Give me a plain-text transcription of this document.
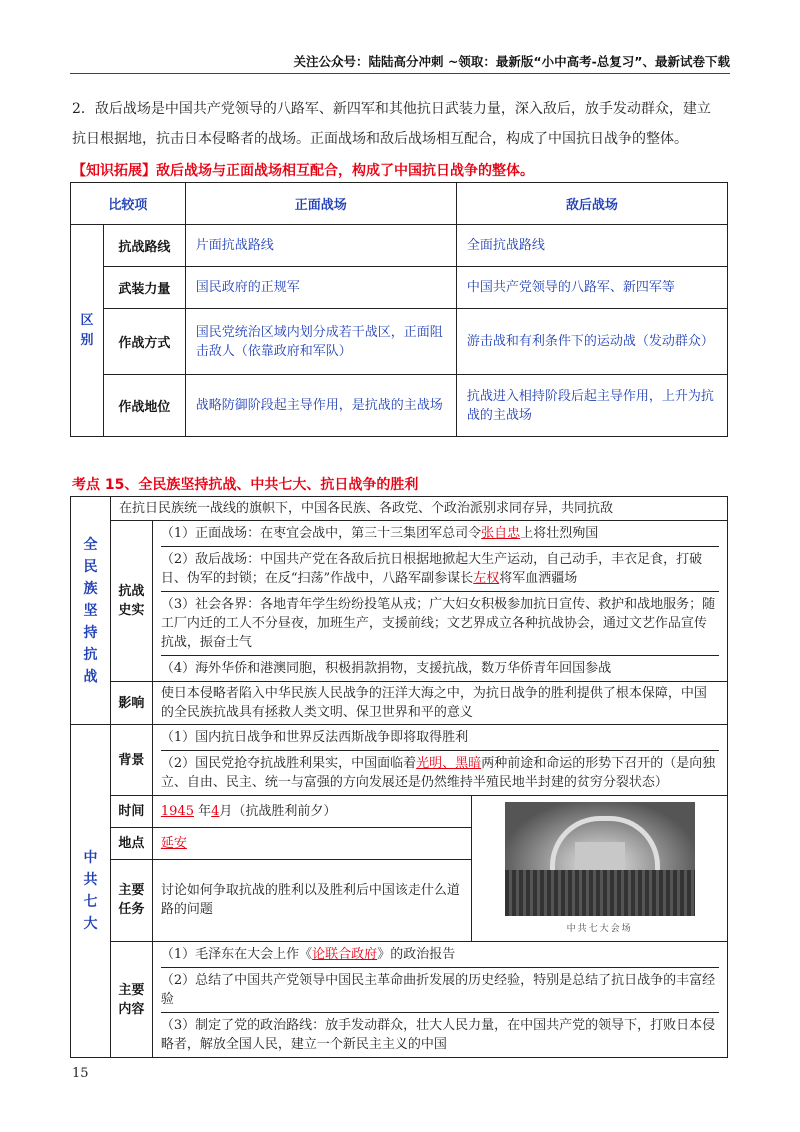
关注公众号：陆陆高分冲刺 ~领取：最新版“小中高考-总复习”、最新试卷下载
2．敌后战场是中国共产党领导的八路军、新四军和其他抗日武装力量，深入敌后，放手发动群众，建立
抗日根据地，抗击日本侵略者的战场。正面战场和敌后战场相互配合，构成了中国抗日战争的整体。
【知识拓展】敌后战场与正面战场相互配合，构成了中国抗日战争的整体。
比较项		正面战场	敌后战场
区别	抗战路线	片面抗战路线	全面抗战路线
	武装力量	国民政府的正规军	中国共产党领导的八路军、新四军等
	作战方式	国民党统治区域内划分成若干战区，正面阻击敌人（依靠政府和军队）	游击战和有利条件下的运动战（发动群众）
	作战地位	战略防御阶段起主导作用，是抗战的主战场	抗战进入相持阶段后起主导作用，上升为抗战的主战场
考点 15、全民族坚持抗战、中共七大、抗日战争的胜利
全民族坚持抗战	在抗日民族统一战线的旗帜下，中国各民族、各政党、个政治派别求同存异，共同抗敌		
	抗战史实	（1）正面战场：在枣宜会战中，第三十三集团军总司令张自忠上将壮烈殉国
（2）敌后战场：中国共产党在各敌后抗日根据地掀起大生产运动，自己动手，丰衣足食，打破日、伪军的封锁；在反“扫荡”作战中，八路军副参谋长左权将军血洒疆场
（3）社会各界：各地青年学生纷纷投笔从戎；广大妇女积极参加抗日宣传、救护和战地服务；随工厂内迁的工人不分昼夜，加班生产，支援前线；文艺界成立各种抗战协会，通过文艺作品宣传抗战，振奋士气
（4）海外华侨和港澳同胞，积极捐款捐物，支援抗战，数万华侨青年回国参战	

	影响	使日本侵略者陷入中华民族人民战争的汪洋大海之中，为抗日战争的胜利提供了根本保障，中国的全民族抗战具有拯救人类文明、保卫世界和平的意义	
中共七大	背景	（1）国内抗日战争和世界反法西斯战争即将取得胜利
（2）国民党抢夺抗战胜利果实，中国面临着光明、黑暗两种前途和命运的形势下召开的（是向独立、自由、民主、统一与富强的方向发展还是仍然维持半殖民地半封建的贫穷分裂状态）	

	时间	1945 年4月（抗战胜利前夕）	中共七大会场

	地点	延安	
	主要任务	讨论如何争取抗战的胜利以及胜利后中国该走什么道路的问题	
	主要内容	（1）毛泽东在大会上作《论联合政府》的政治报告
（2）总结了中国共产党领导中国民主革命曲折发展的历史经验，特别是总结了抗日战争的丰富经验
（3）制定了党的政治路线：放手发动群众，壮大人民力量，在中国共产党的领导下，打败日本侵略者，解放全国人民，建立一个新民主主义的中国	
15
